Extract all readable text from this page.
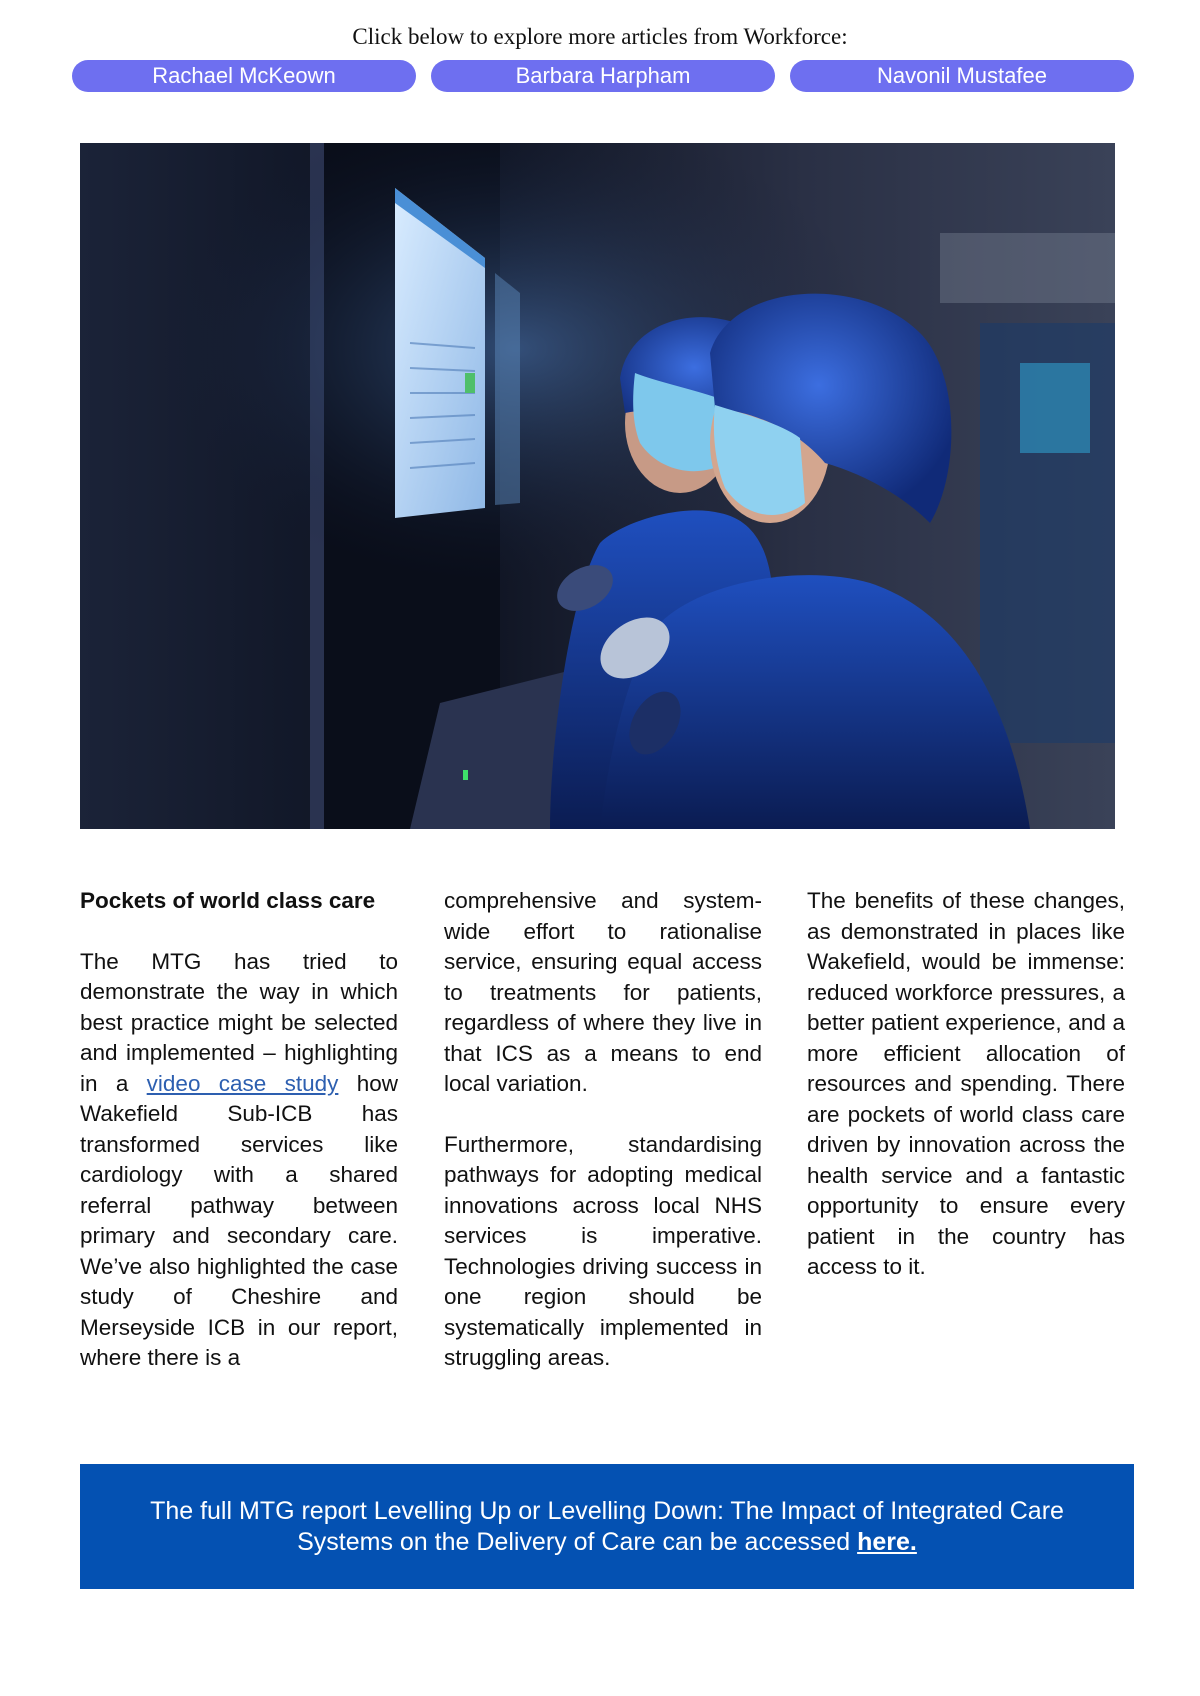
Click below to explore more articles from Workforce:
Rachael McKeown	Barbara Harpham	Navonil Mustafee
Pockets of world class care

The MTG has tried to demonstrate the way in which best practice might be selected and implemented – highlighting in a video case study how Wakefield Sub-ICB has transformed services like cardiology with a shared referral pathway between primary and secondary care. We’ve also highlighted the case study of Cheshire and Merseyside ICB in our report, where there is a

comprehensive and system-wide effort to rationalise service, ensuring equal access to treatments for patients, regardless of where they live in that ICS as a means to end local variation.

Furthermore, standardising pathways for adopting medical innovations across local NHS services is imperative. Technologies driving success in one region should be systematically implemented in struggling areas.

The benefits of these changes, as demonstrated in places like Wakefield, would be immense: reduced workforce pressures, a better patient experience, and a more efficient allocation of resources and spending. There are pockets of world class care driven by innovation across the health service and a fantastic opportunity to ensure every patient in the country has access to it.

The full MTG report Levelling Up or Levelling Down: The Impact of Integrated Care Systems on the Delivery of Care can be accessed here.
